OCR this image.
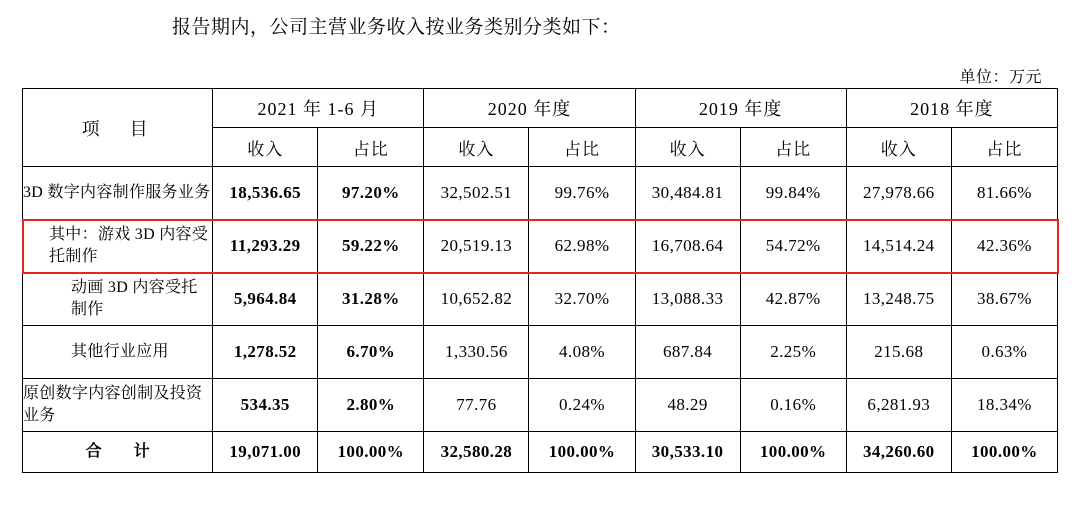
报告期内，公司主营业务收入按业务类别分类如下：
单位：万元
项　目	2021 年 1-6 月		2020 年度		2019 年度		2018 年度	
	收入	占比	收入	占比	收入	占比	收入	占比
3D 数字内容制作服务业务	18,536.65	97.20%	32,502.51	99.76%	30,484.81	99.84%	27,978.66	81.66%
其中：游戏 3D 内容受托制作	11,293.29	59.22%	20,519.13	62.98%	16,708.64	54.72%	14,514.24	42.36%
动画 3D 内容受托制作	5,964.84	31.28%	10,652.82	32.70%	13,088.33	42.87%	13,248.75	38.67%
其他行业应用	1,278.52	6.70%	1,330.56	4.08%	687.84	2.25%	215.68	0.63%
原创数字内容创制及投资业务	534.35	2.80%	77.76	0.24%	48.29	0.16%	6,281.93	18.34%
合　计	19,071.00	100.00%	32,580.28	100.00%	30,533.10	100.00%	34,260.60	100.00%
